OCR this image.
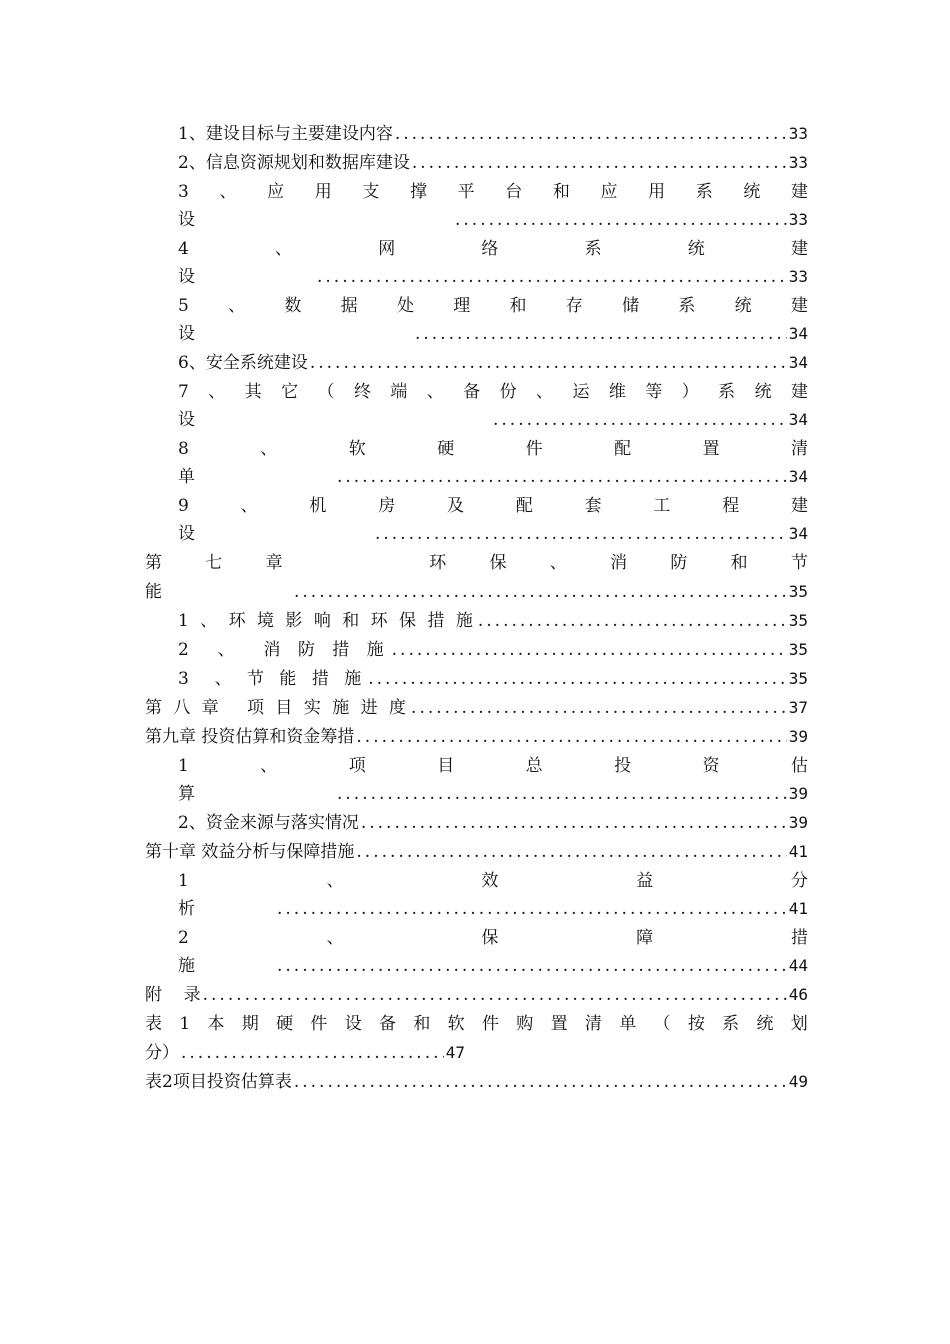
1、建设目标与主要建设内容 .....	33
2、信息资源规划和数据库建设 .....	33
3 、 应 用 支 撑 平 台 和 应 用 系 统 建
设 .....	33
4	、	网	络	系	统	建
设 .....	33
5 、 数 据 处 理 和 存 储 系 统 建
设 .....	34
6、安全系统建设 .....	34
7 、 其 它 （ 终 端 、 备 份 、 运 维 等 ） 系 统 建
设 .....	34
8	、	软	硬	件	配	置	清
单 .....	34
9	、	机	房	及	配	套	工	程	建
设 .....	34
第	七	章	环	保	、	消	防	和	节
能 .....	35
1 、 环 境 影 响 和 环 保 措 施 .....	35
2  、  消 防 措 施 .....	35
3  、 节 能 措 施 .....	35
第 八 章   项 目 实 施 进 度 .....	37
第九章 投资估算和资金筹措 .....	39
1	、	项	目	总	投	资	估
算 .....	39
2、资金来源与落实情况 .....	39
第十章 效益分析与保障措施 .....	41
1	、	效	益	分
析 .....	41
2	、	保	障	措
施 .....	44
附    录 .....	46
表 1 本 期 硬 件 设 备 和 软 件 购 置 清 单 （ 按 系 统 划
分） .....	47
表2项目投资估算表 .....	49
